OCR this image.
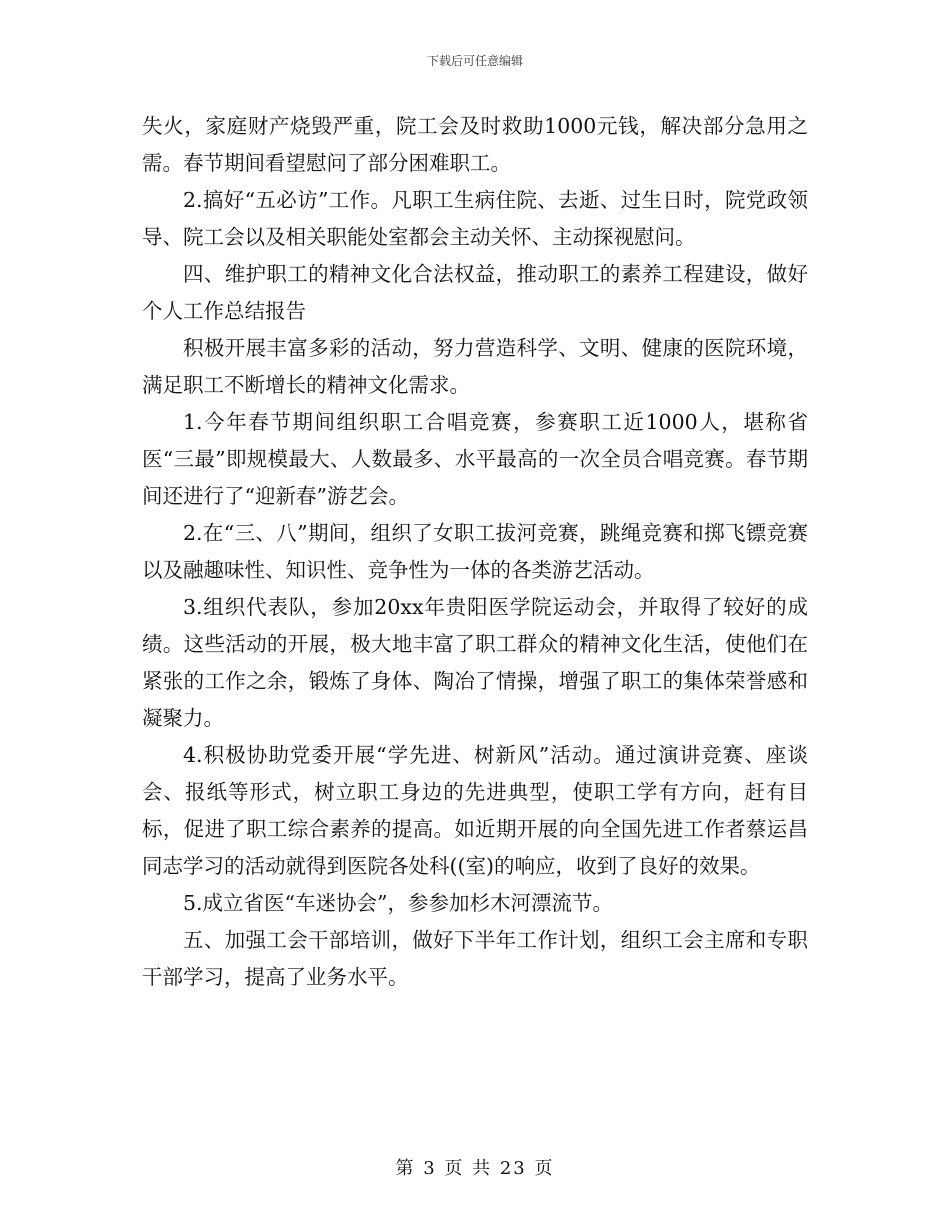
下载后可任意编辑

失火，家庭财产烧毁严重，院工会及时救助1000元钱，解决部分急用之需。春节期间看望慰问了部分困难职工。

2.搞好“五必访”工作。凡职工生病住院、去逝、过生日时，院党政领导、院工会以及相关职能处室都会主动关怀、主动探视慰问。

四、维护职工的精神文化合法权益，推动职工的素养工程建设，做好个人工作总结报告

积极开展丰富多彩的活动，努力营造科学、文明、健康的医院环境，满足职工不断增长的精神文化需求。

1.今年春节期间组织职工合唱竞赛，参赛职工近1000人，堪称省医“三最”即规模最大、人数最多、水平最高的一次全员合唱竞赛。春节期间还进行了“迎新春”游艺会。

2.在“三、八”期间，组织了女职工拔河竞赛，跳绳竞赛和掷飞镖竞赛以及融趣味性、知识性、竞争性为一体的各类游艺活动。

3.组织代表队，参加20xx年贵阳医学院运动会，并取得了较好的成绩。这些活动的开展，极大地丰富了职工群众的精神文化生活，使他们在紧张的工作之余，锻炼了身体、陶冶了情操，增强了职工的集体荣誉感和凝聚力。

4.积极协助党委开展“学先进、树新风”活动。通过演讲竞赛、座谈会、报纸等形式，树立职工身边的先进典型，使职工学有方向，赶有目标，促进了职工综合素养的提高。如近期开展的向全国先进工作者蔡运昌同志学习的活动就得到医院各处科((室)的响应，收到了良好的效果。

5.成立省医“车迷协会”，参参加杉木河漂流节。

五、加强工会干部培训，做好下半年工作计划，组织工会主席和专职干部学习，提高了业务水平。

第 3 页 共 23 页
